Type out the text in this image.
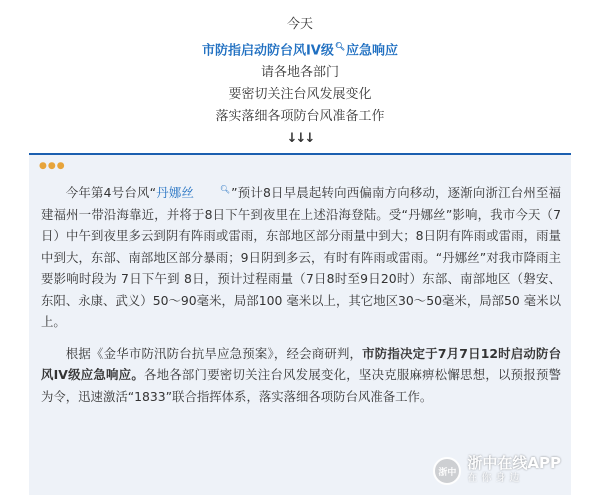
今天
市防指启动防台风IV级🔍︎应急响应
请各地各部门
要密切关注台风发展变化
落实落细各项防台风准备工作
↓↓↓
●●●

今年第4号台风“丹娜丝	🔍︎”预计8日早晨起转向西偏南方向移动，逐渐向浙江台州至福建福州一带沿海靠近，并将于8日下午到夜里在上述沿海登陆。受“丹娜丝”影响，我市今天（7日）中午到夜里多云到阴有阵雨或雷雨，东部地区部分雨量中到大；8日阴有阵雨或雷雨，雨量中到大，东部、南部地区部分暴雨；9日阴到多云，有时有阵雨或雷雨。“丹娜丝”对我市降雨主要影响时段为 7日下午到 8日，预计过程雨量（7日8时至9日20时）东部、南部地区（磐安、东阳、永康、武义）50～90毫米，局部100 毫米以上，其它地区30～50毫米，局部50 毫米以上。

根据《金华市防汛防台抗旱应急预案》，经会商研判，市防指决定于7月7日12时启动防台风IV级应急响应。各地各部门要密切关注台风发展变化，坚决克服麻痹松懈思想，以预报预警为令，迅速激活“1833”联合指挥体系，落实落细各项防台风准备工作。

浙中
浙中在线APP
在你身边
